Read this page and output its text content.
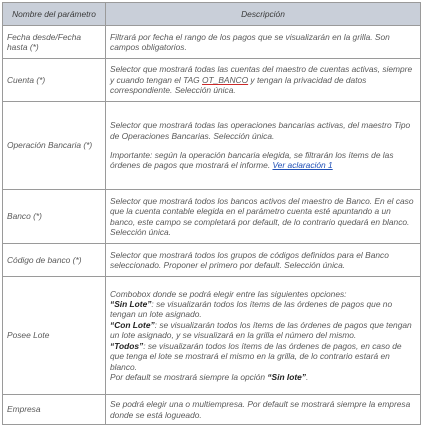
Nombre del parámetro	Descripción
Fecha desde/Fecha hasta (*)	Filtrará por fecha el rango de los pagos que se visualizarán en la grilla. Son campos obligatorios.
Cuenta (*)	Selector que mostrará todas las cuentas del maestro de cuentas activas, siempre y cuando tengan el TAG OT_BANCO y tengan la privacidad de datos correspondiente. Selección única.
Operación Bancaria (*)	Selector que mostrará todas las operaciones bancarias activas, del maestro Tipo de Operaciones Bancarias. Selección única.

Importante: según la operación bancaria elegida, se filtrarán los ítems de las órdenes de pagos que mostrará el informe. Ver aclaración 1

Banco (*)	Selector que mostrará todos los bancos activos del maestro de Banco. En el caso que la cuenta contable elegida en el parámetro cuenta esté apuntando a un banco, este campo se completará por default, de lo contrario quedará en blanco. Selección única.
Código de banco (*)	Selector que mostrará todos los grupos de códigos definidos para el Banco seleccionado. Proponer el primero por default. Selección única.
Posee Lote	Combobox donde se podrá elegir entre las siguientes opciones:
“Sin Lote”: se visualizarán todos los ítems de las órdenes de pagos que no tengan un lote asignado.
“Con Lote”: se visualizarán todos los ítems de las órdenes de pagos que tengan un lote asignado, y se visualizará en la grilla el número del mismo.
“Todos”: se visualizarán todos los ítems de las órdenes de pagos, en caso de que tenga el lote se mostrará el mismo en la grilla, de lo contrario estará en blanco.
Por default se mostrará siempre la opción “Sin lote”.

Empresa	Se podrá elegir una o multiempresa. Por default se mostrará siempre la empresa donde se está logueado.
